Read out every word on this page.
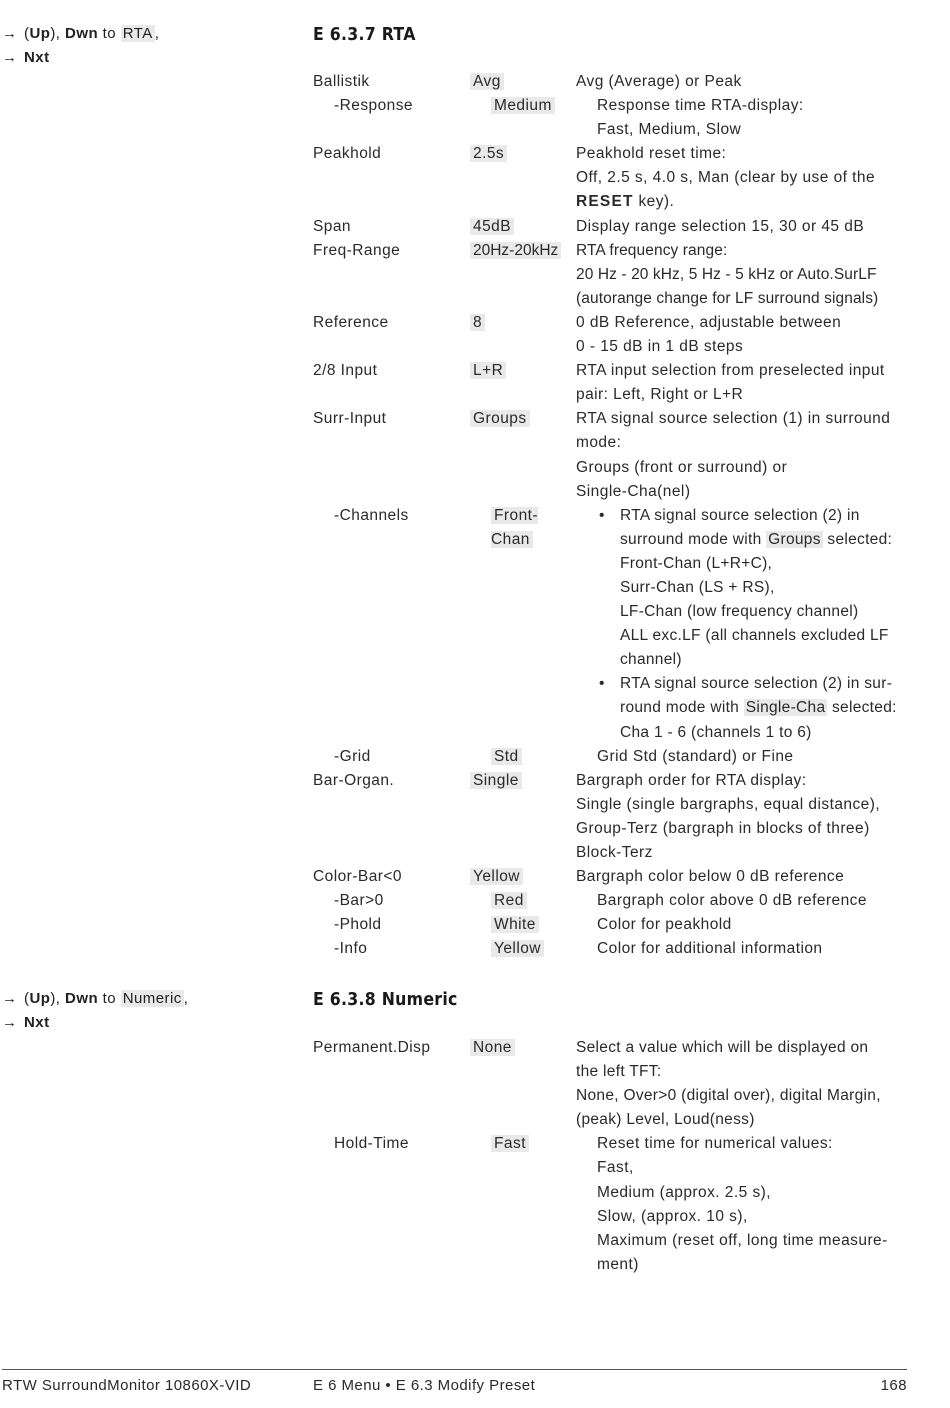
→ (Up), Dwn to RTA ,
→ Nxt
→ (Up), Dwn to Numeric ,
→ Nxt
E 6.3.7 RTA
E 6.3.8 Numeric
Ballistik	Avg	Avg (Average) or Peak
-Response	Medium	Response time RTA-display:
Fast, Medium, Slow
Peakhold	2.5s	Peakhold reset time:
Off, 2.5 s, 4.0 s, Man (clear by use of the
RESET key).
Span	45dB	Display range selection 15, 30 or 45 dB
Freq-Range	20Hz-20kHz	RTA frequency range:
20 Hz - 20 kHz, 5 Hz - 5 kHz or Auto.SurLF
(autorange change for LF surround signals)
Reference	8	0 dB Reference, adjustable between
0 - 15 dB in 1 dB steps
2/8 Input	L+R	RTA input selection from preselected input
pair: Left, Right or L+R
Surr-Input	Groups	RTA signal source selection (1) in surround
mode:
Groups (front or surround) or
Single-Cha(nel)
-Channels	Front-Chan
• RTA signal source selection (2) in
surround mode with Groups selected:
Front-Chan (L+R+C),
Surr-Chan (LS + RS),
LF-Chan (low frequency channel)
ALL exc.LF (all channels excluded LF
channel)
• RTA signal source selection (2) in sur-
round mode with Single-Cha selected:
Cha 1 - 6 (channels 1 to 6)
-Grid	Std	Grid Std (standard) or Fine
Bar-Organ.	Single	Bargraph order for RTA display:
Single (single bargraphs, equal distance),
Group-Terz (bargraph in blocks of three)
Block-Terz
Color-Bar<0	Yellow	Bargraph color below 0 dB reference
-Bar>0	Red	Bargraph color above 0 dB reference
-Phold	White	Color for peakhold
-Info	Yellow	Color for additional information
Permanent.Disp	None	Select a value which will be displayed on
the left TFT:
None, Over>0 (digital over), digital Margin,
(peak) Level, Loud(ness)
Hold-Time	Fast	Reset time for numerical values:
Fast,
Medium (approx. 2.5 s),
Slow, (approx. 10 s),
Maximum (reset off, long time measure-
ment)
RTW SurroundMonitor 10860X-VID	E 6 Menu • E 6.3 Modify Preset	168
